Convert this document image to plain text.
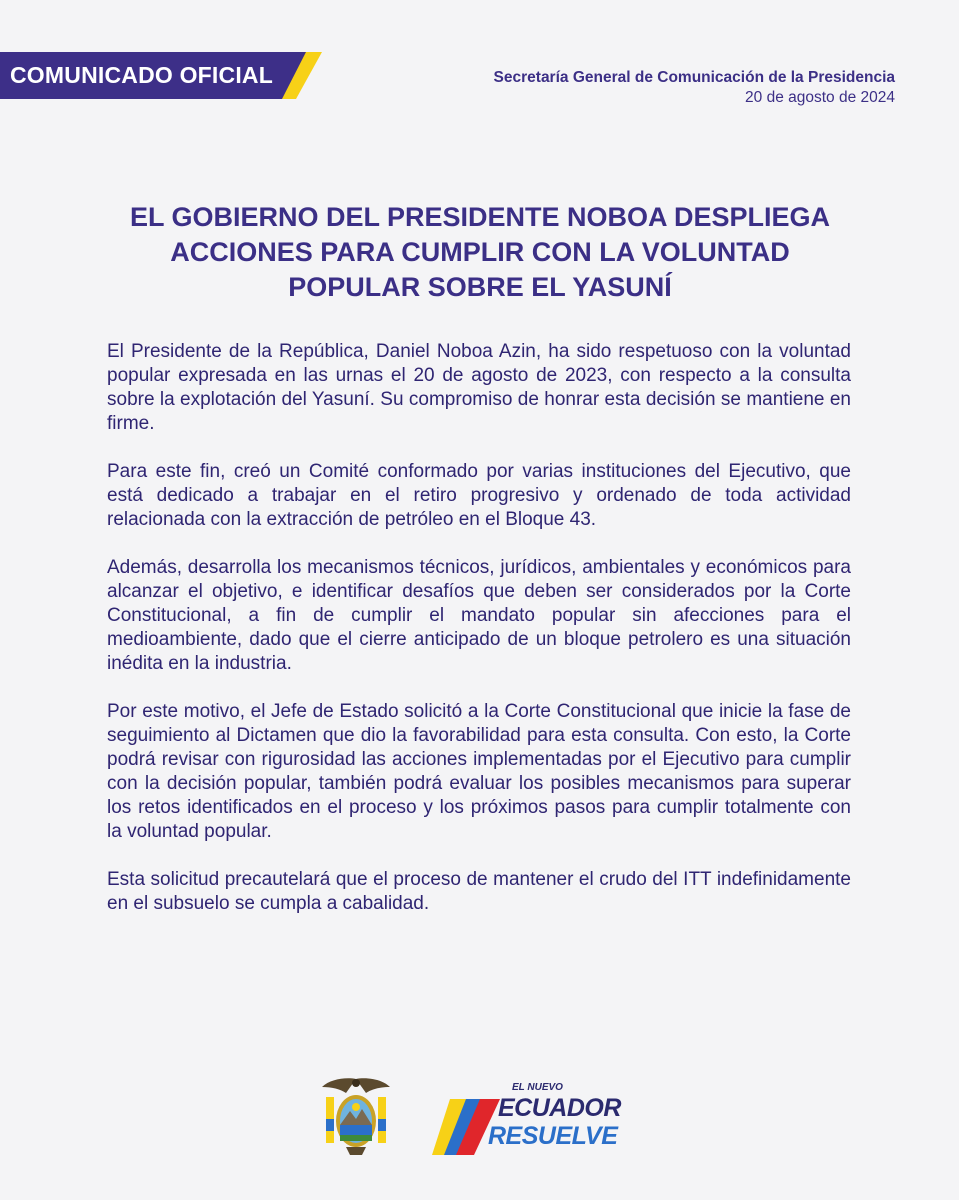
COMUNICADO OFICIAL	Secretaría General de Comunicación de la Presidencia
20 de agosto de 2024
EL GOBIERNO DEL PRESIDENTE NOBOA DESPLIEGA
ACCIONES PARA CUMPLIR CON LA VOLUNTAD
POPULAR SOBRE EL YASUNÍ

El Presidente de la República, Daniel Noboa Azin, ha sido respetuoso con la voluntad popular expresada en las urnas el 20 de agosto de 2023, con respecto a la consulta sobre la explotación del Yasuní. Su compromiso de honrar esta decisión se mantiene en firme.

Para este fin, creó un Comité conformado por varias instituciones del Ejecutivo, que está dedicado a trabajar en el retiro progresivo y ordenado de toda actividad relacionada con la extracción de petróleo en el Bloque 43.

Además, desarrolla los mecanismos técnicos, jurídicos, ambientales y económicos para alcanzar el objetivo, e identificar desafíos que deben ser considerados por la Corte Constitucional, a fin de cumplir el mandato popular sin afecciones para el medioambiente, dado que el cierre anticipado de un bloque petrolero es una situación inédita en la industria.

Por este motivo, el Jefe de Estado solicitó a la Corte Constitucional que inicie la fase de seguimiento al Dictamen que dio la favorabilidad para esta consulta. Con esto, la Corte podrá revisar con rigurosidad las acciones implementadas por el Ejecutivo para cumplir con la decisión popular, también podrá evaluar los posibles mecanismos para superar los retos identificados en el proceso y los próximos pasos para cumplir totalmente con la voluntad popular.

Esta solicitud precautelará que el proceso de mantener el crudo del ITT indefinidamente en el subsuelo se cumpla a cabalidad.

EL NUEVO
ECUADOR
RESUELVE
